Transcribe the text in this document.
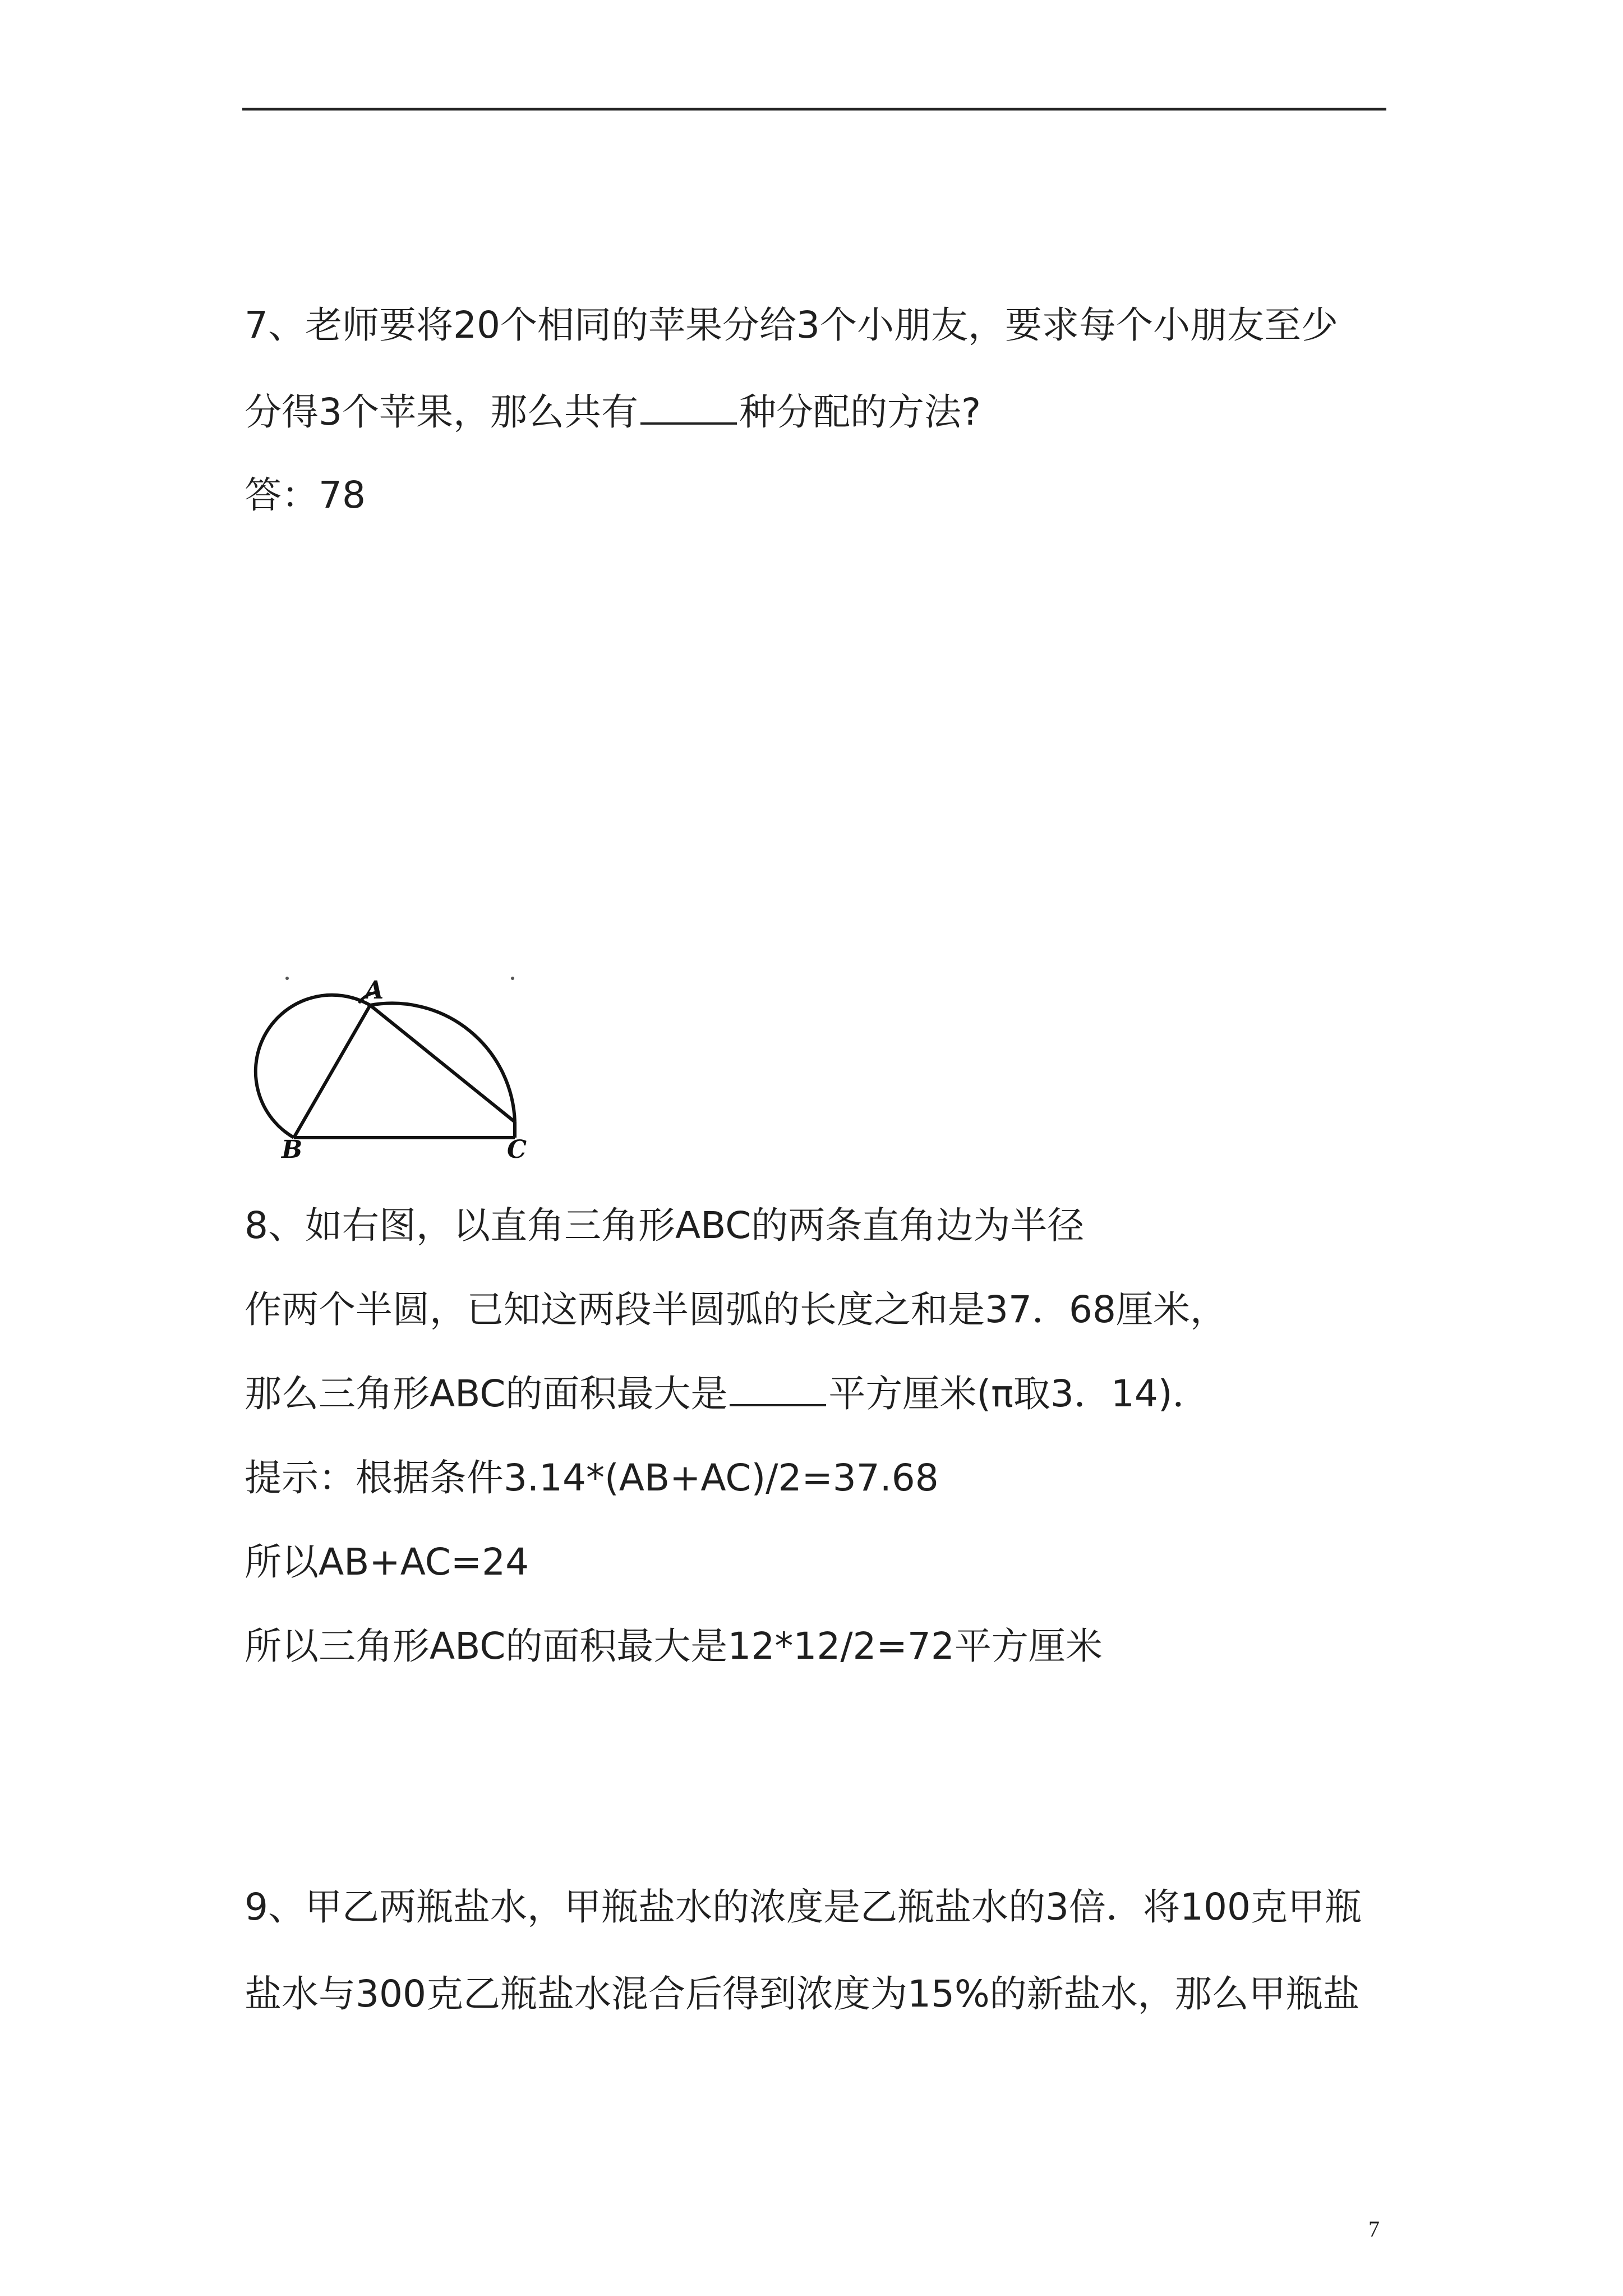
7、老师要将20个相同的苹果分给3个小朋友，要求每个小朋友至少
分得3个苹果，那么共有	种分配的方法?
答：78
A
B	C
8、如右图，以直角三角形ABC的两条直角边为半径
作两个半圆，已知这两段半圆弧的长度之和是37．68厘米，
那么三角形ABC的面积最大是	平方厘米(π取3．14)．
提示：根据条件3.14*(AB+AC)/2=37.68
所以AB+AC=24
所以三角形ABC的面积最大是12*12/2=72平方厘米
9、甲乙两瓶盐水，甲瓶盐水的浓度是乙瓶盐水的3倍．将100克甲瓶
盐水与300克乙瓶盐水混合后得到浓度为15%的新盐水，那么甲瓶盐
7
